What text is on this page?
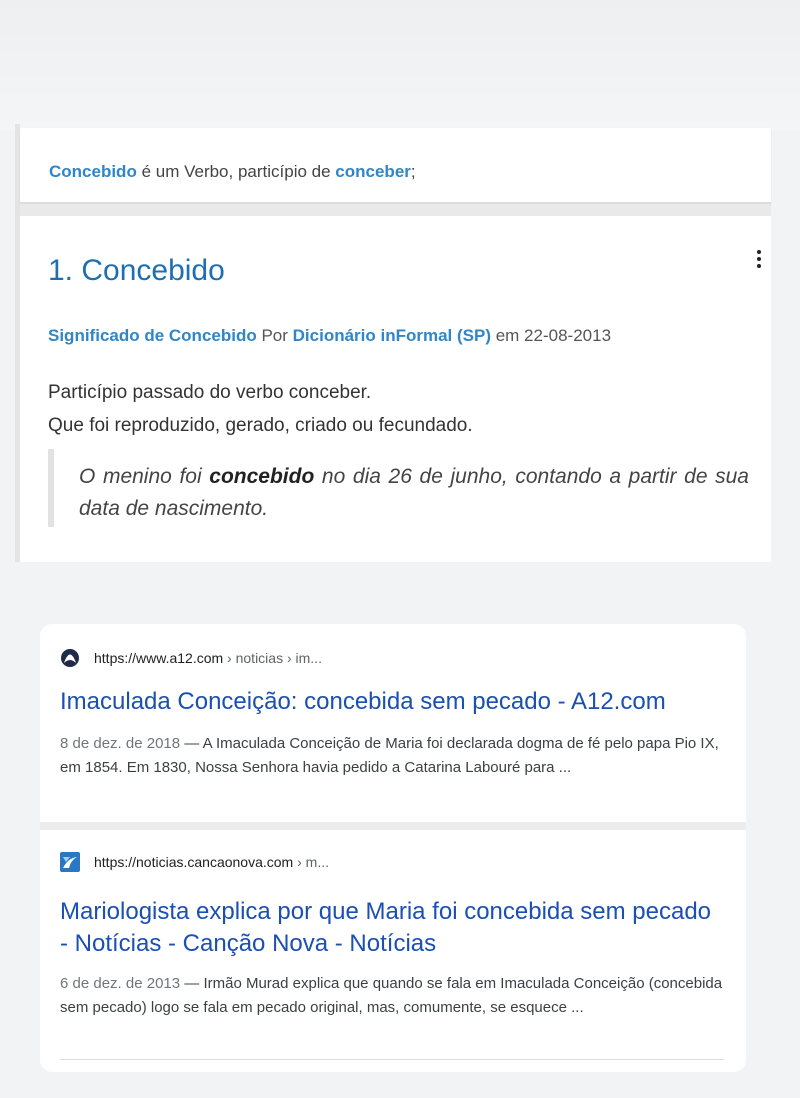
Concebido é um Verbo, particípio de conceber;
1. Concebido
Significado de Concebido Por Dicionário inFormal (SP) em 22-08-2013
Particípio passado do verbo conceber.
Que foi reproduzido, gerado, criado ou fecundado.

O menino foi concebido no dia 26 de junho, contando a partir de sua data de nascimento.

https://www.a12.com › noticias › im...
Imaculada Conceição: concebida sem pecado - A12.com
8 de dez. de 2018 — A Imaculada Conceição de Maria foi declarada dogma de fé pelo papa Pio IX, em 1854. Em 1830, Nossa Senhora havia pedido a Catarina Labouré para ...
https://noticias.cancaonova.com › m...
Mariologista explica por que Maria foi concebida sem pecado - Notícias - Canção Nova - Notícias
6 de dez. de 2013 — Irmão Murad explica que quando se fala em Imaculada Conceição (concebida sem pecado) logo se fala em pecado original, mas, comumente, se esquece ...
